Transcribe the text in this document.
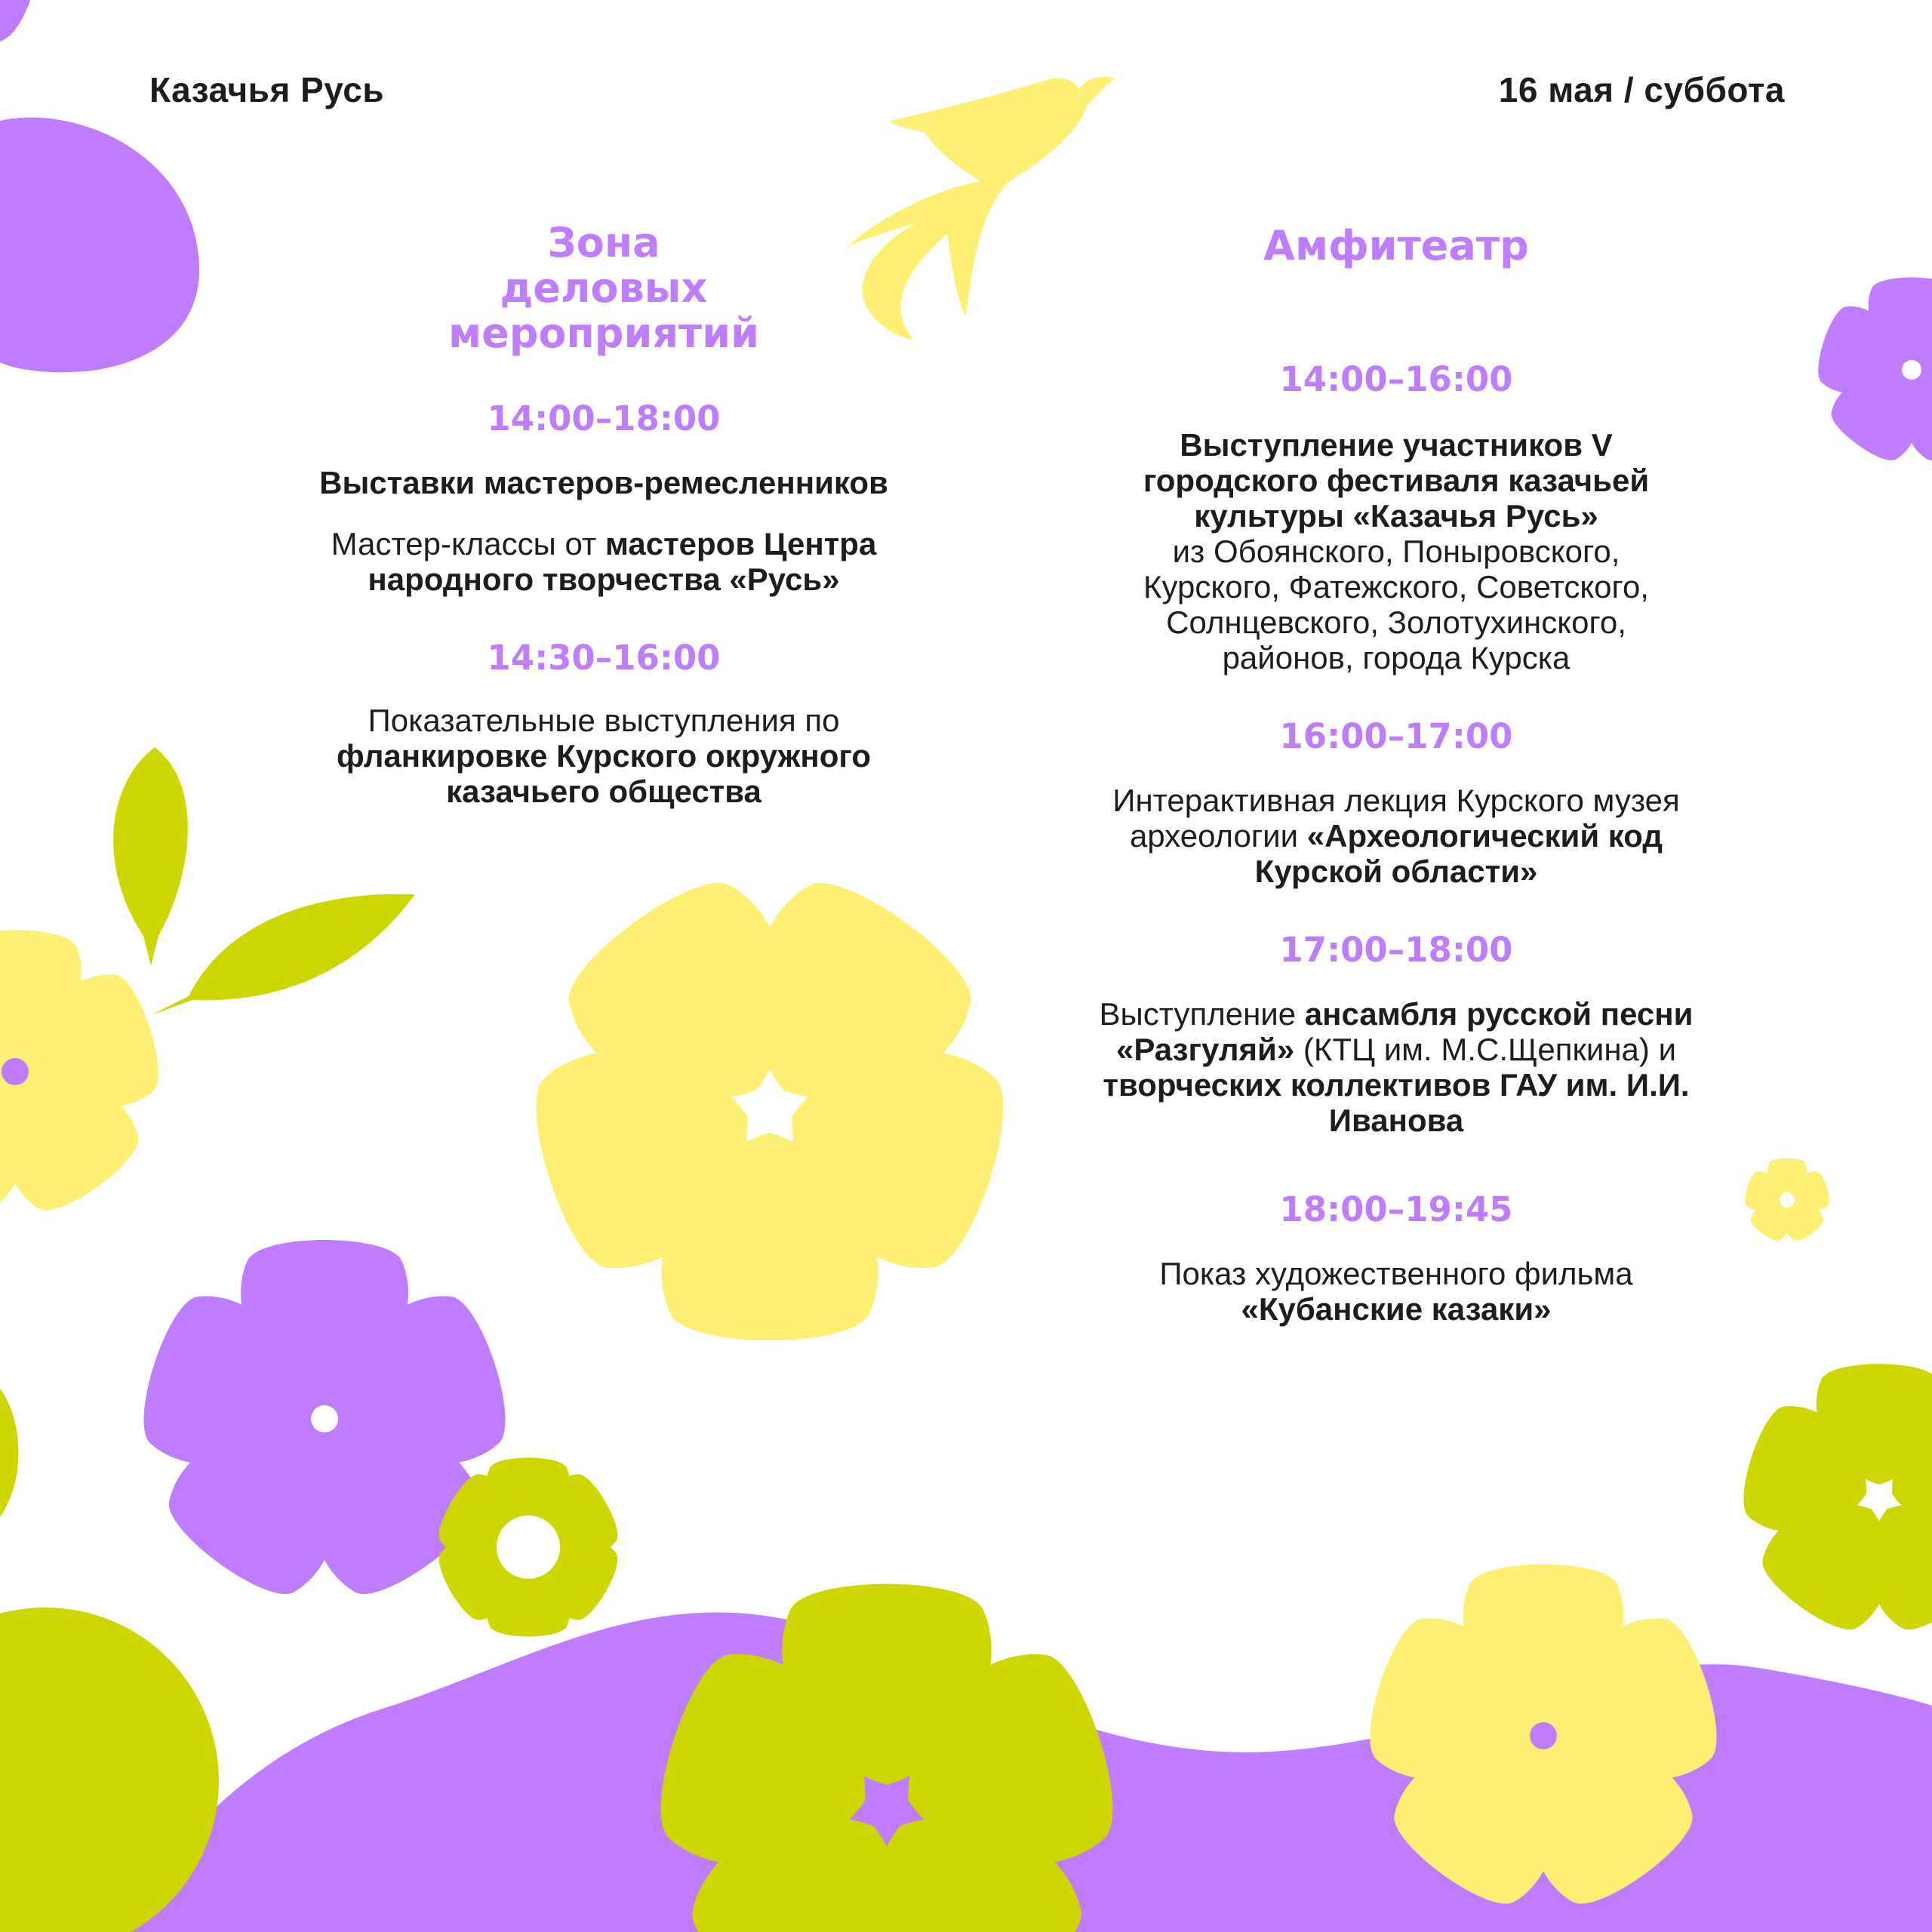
Казачья Русь	16 мая / суббота

Зона деловых мероприятий

14:00–18:00

Выставки мастеров-ремесленников

Мастер-классы от мастеров Центра народного творчества «Русь»

14:30–16:00

Показательные выступления по фланкировке Курского окружного казачьего общества

Амфитеатр

14:00–16:00

Выступление участников V городского фестиваля казачьей культуры «Казачья Русь»

из Обоянского, Поныровского, Курского, Фатежского, Советского, Солнцевского, Золотухинского, районов, города Курска

16:00–17:00

Интерактивная лекция Курского музея археологии «Археологический код Курской области»

17:00–18:00

Выступление ансамбля русской песни «Разгуляй» (КТЦ им. М.С.Щепкина) и творческих коллективов ГАУ им. И.И. Иванова

18:00–19:45

Показ художественного фильма «Кубанские казаки»
